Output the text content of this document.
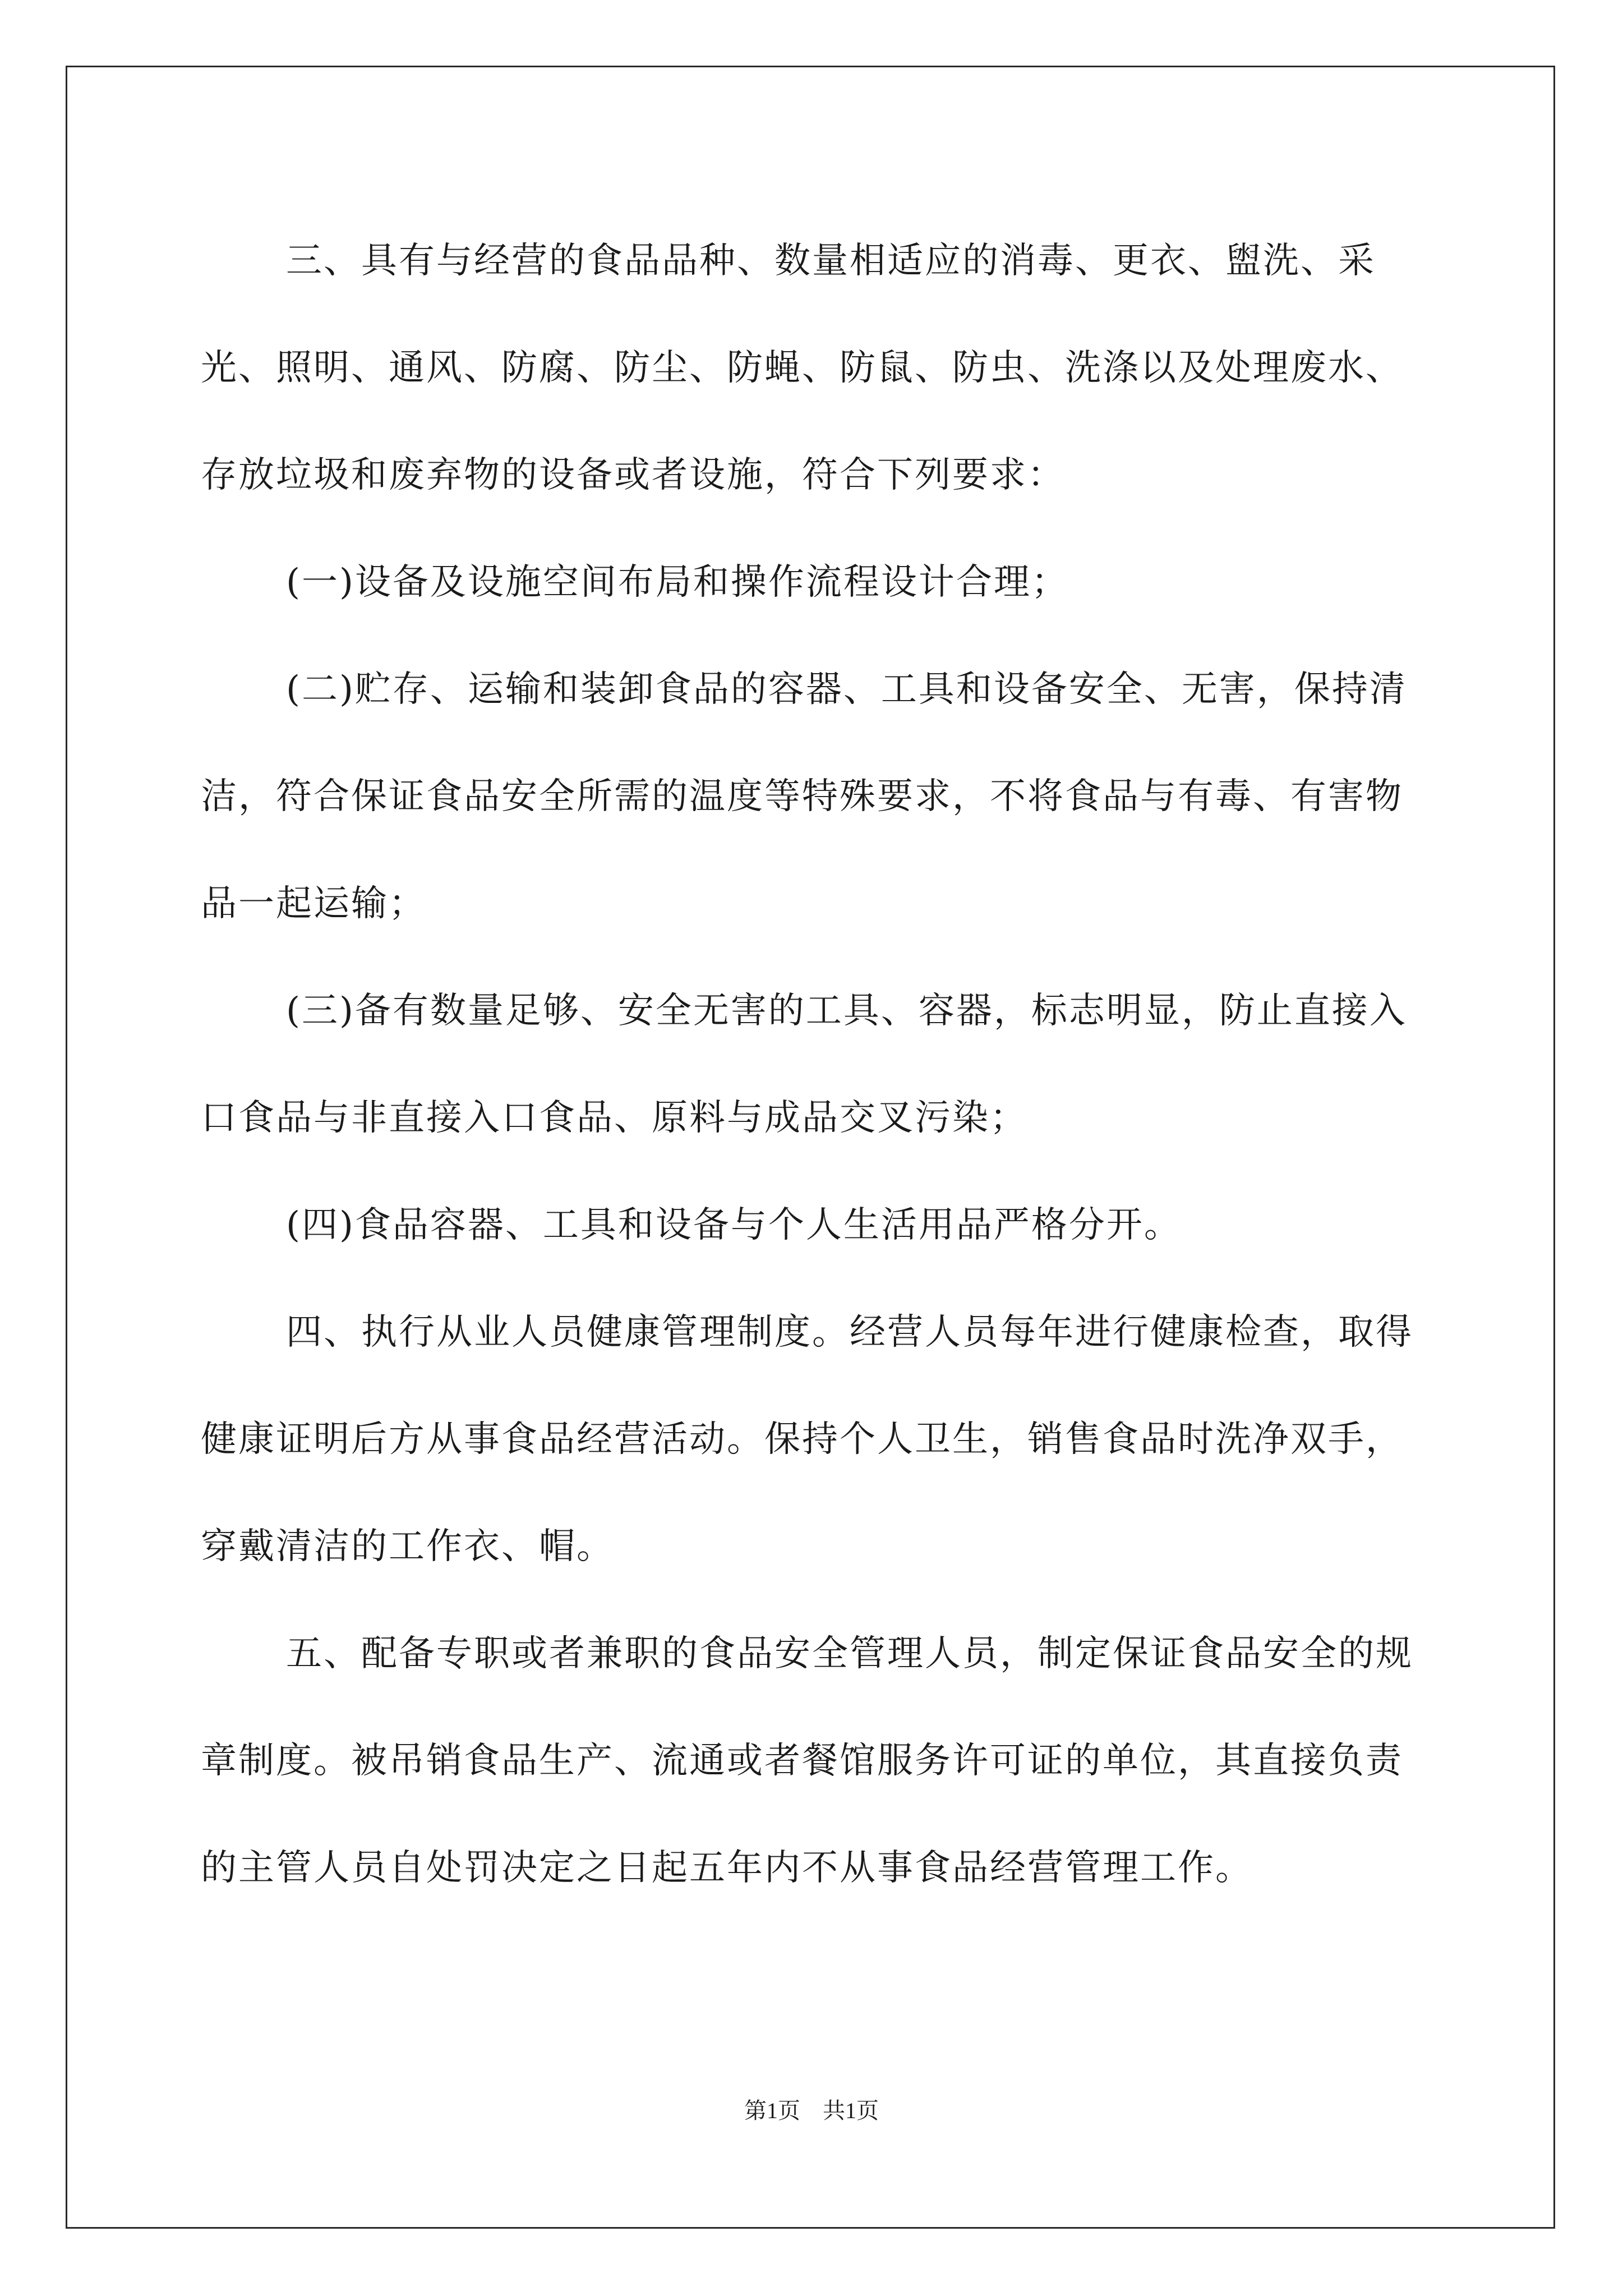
三、具有与经营的食品品种、数量相适应的消毒、更衣、盥洗、采光、照明、通风、防腐、防尘、防蝇、防鼠、防虫、洗涤以及处理废水、存放垃圾和废弃物的设备或者设施，符合下列要求：

(一)设备及设施空间布局和操作流程设计合理；

(二)贮存、运输和装卸食品的容器、工具和设备安全、无害，保持清洁，符合保证食品安全所需的温度等特殊要求，不将食品与有毒、有害物品一起运输；

(三)备有数量足够、安全无害的工具、容器，标志明显，防止直接入口食品与非直接入口食品、原料与成品交叉污染；

(四)食品容器、工具和设备与个人生活用品严格分开。

四、执行从业人员健康管理制度。经营人员每年进行健康检查，取得健康证明后方从事食品经营活动。保持个人卫生，销售食品时洗净双手，穿戴清洁的工作衣、帽。

五、配备专职或者兼职的食品安全管理人员，制定保证食品安全的规章制度。被吊销食品生产、流通或者餐馆服务许可证的单位，其直接负责的主管人员自处罚决定之日起五年内不从事食品经营管理工作。

第1页 共1页
